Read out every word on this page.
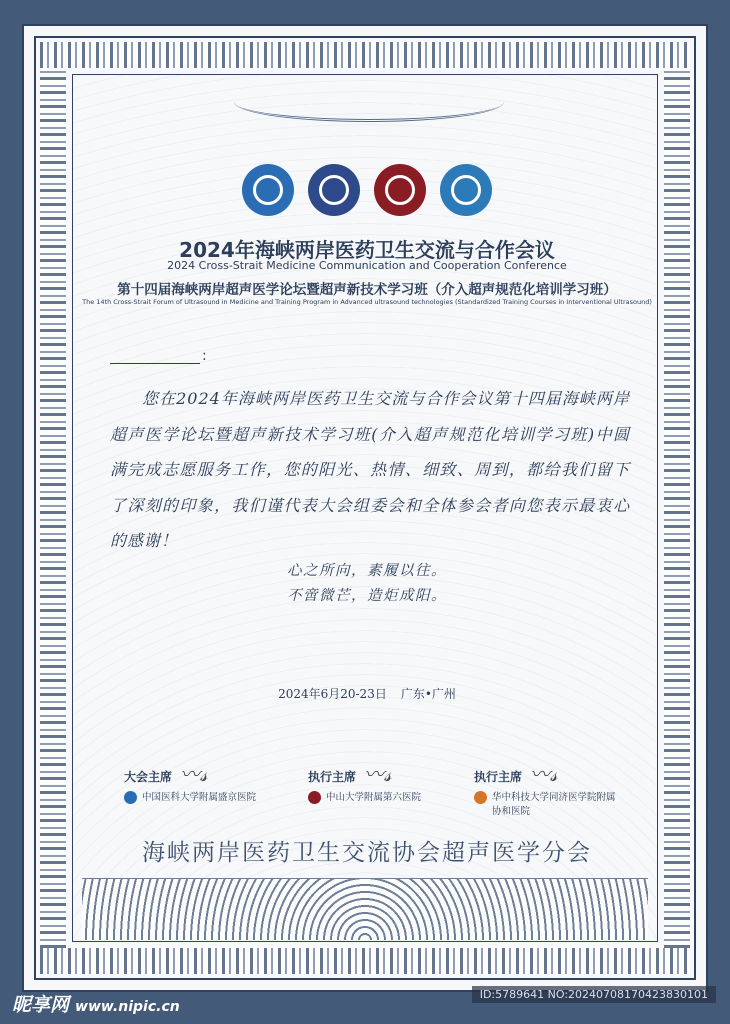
2024年海峡两岸医药卫生交流与合作会议
2024 Cross-Strait Medicine Communication and Cooperation Conference
第十四届海峡两岸超声医学论坛暨超声新技术学习班（介入超声规范化培训学习班）
The 14th Cross-Strait Forum of Ultrasound in Medicine and Training Program in Advanced ultrasound technologies (Standardized Training Courses in Interventional Ultrasound)
:
您在2024年海峡两岸医药卫生交流与合作会议第十四届海峡两岸超声医学论坛暨超声新技术学习班(介入超声规范化培训学习班)中圆满完成志愿服务工作，您的阳光、热情、细致、周到，都给我们留下了深刻的印象，我们谨代表大会组委会和全体参会者向您表示最衷心的感谢！
心之所向，素履以往。
不啻微芒，造炬成阳。
2024年6月20-23日 广东•广州
大会主席 〰𝓈
中国医科大学附属盛京医院
执行主席 〰𝓈
中山大学附属第六医院
执行主席 〰𝓈
华中科技大学同济医学院附属协和医院
海峡两岸医药卫生交流协会超声医学分会
昵享网 www.nipic.cn
ID:5789641 NO:20240708170423830101
